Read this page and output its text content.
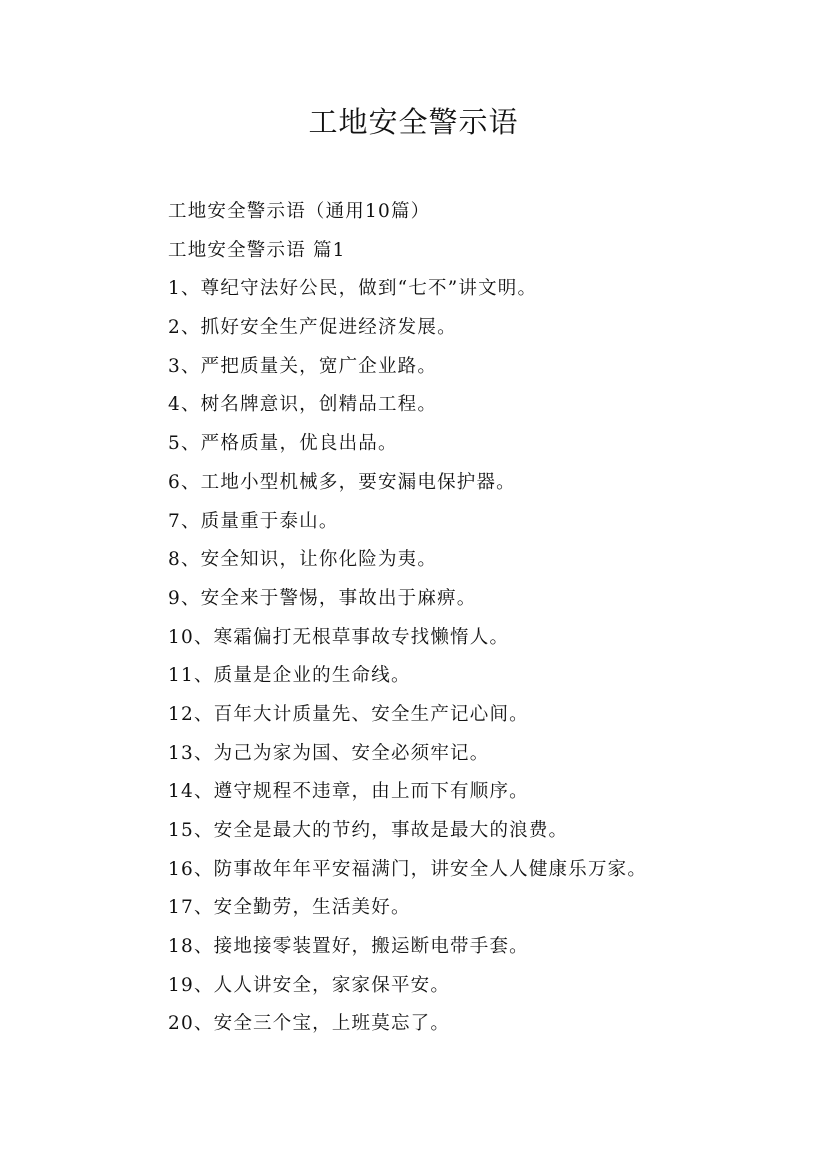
工地安全警示语

工地安全警示语（通用10篇）

工地安全警示语 篇1

1、尊纪守法好公民，做到“七不”讲文明。

2、抓好安全生产促进经济发展。

3、严把质量关，宽广企业路。

4、树名牌意识，创精品工程。

5、严格质量，优良出品。

6、工地小型机械多，要安漏电保护器。

7、质量重于泰山。

8、安全知识，让你化险为夷。

9、安全来于警惕，事故出于麻痹。

10、寒霜偏打无根草事故专找懒惰人。

11、质量是企业的生命线。

12、百年大计质量先、安全生产记心间。

13、为己为家为国、安全必须牢记。

14、遵守规程不违章，由上而下有顺序。

15、安全是最大的节约，事故是最大的浪费。

16、防事故年年平安福满门，讲安全人人健康乐万家。

17、安全勤劳，生活美好。

18、接地接零装置好，搬运断电带手套。

19、人人讲安全，家家保平安。

20、安全三个宝，上班莫忘了。
